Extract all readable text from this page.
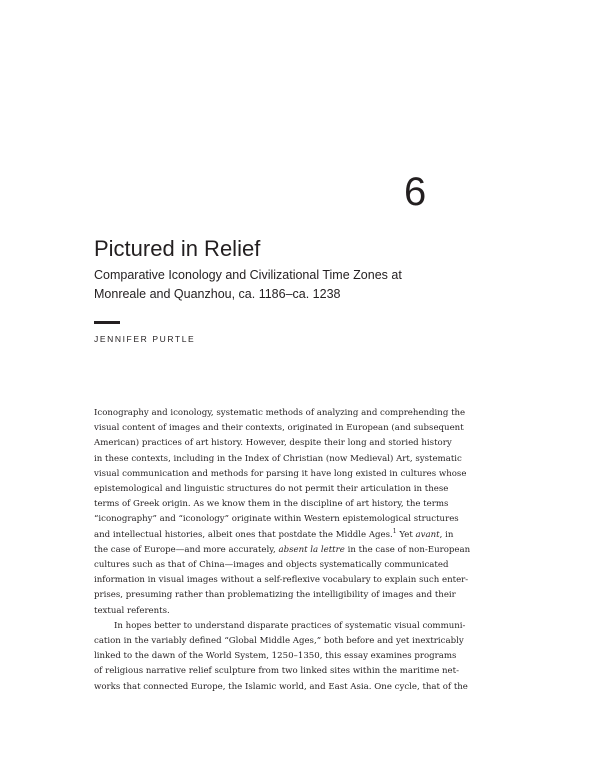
6
Pictured in Relief
Comparative Iconology and Civilizational Time Zones at
Monreale and Quanzhou, ca. 1186–ca. 1238
JENNIFER PURTLE
Iconography and iconology, systematic methods of analyzing and comprehending the
visual content of images and their contexts, originated in European (and subsequent
American) practices of art history. However, despite their long and storied history
in these contexts, including in the Index of Christian (now Medieval) Art, systematic
visual communication and methods for parsing it have long existed in cultures whose
epistemological and linguistic structures do not permit their articulation in these
terms of Greek origin. As we know them in the discipline of art history, the terms
“iconography” and “iconology” originate within Western epistemological structures
and intellectual histories, albeit ones that postdate the Middle Ages.$^1$ Yet avant, in
the case of Europe—and more accurately, absent la lettre in the case of non-European
cultures such as that of China—images and objects systematically communicated
information in visual images without a self-reflexive vocabulary to explain such enter-
prises, presuming rather than problematizing the intelligibility of images and their
textual referents.
In hopes better to understand disparate practices of systematic visual communi-
cation in the variably defined “Global Middle Ages,” both before and yet inextricably
linked to the dawn of the World System, 1250–1350, this essay examines programs
of religious narrative relief sculpture from two linked sites within the maritime net-
works that connected Europe, the Islamic world, and East Asia. One cycle, that of the
